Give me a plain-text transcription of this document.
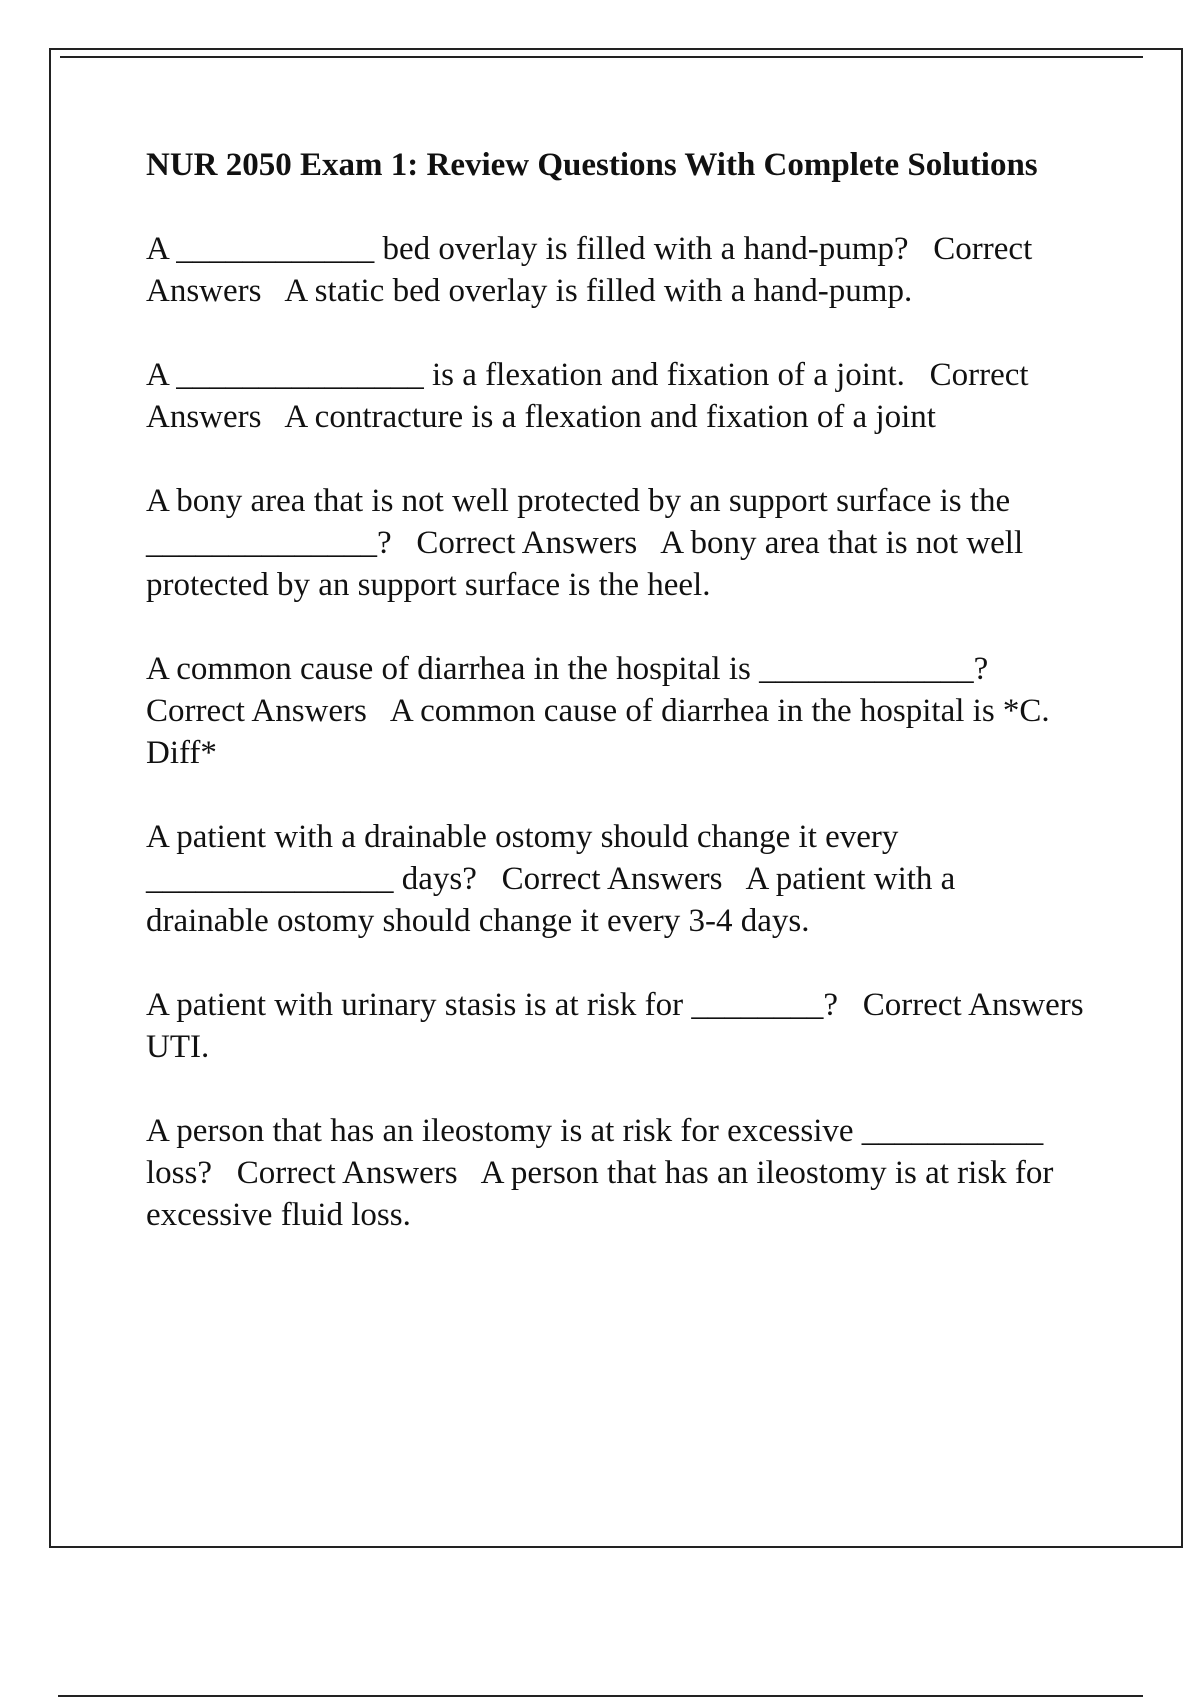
NUR 2050 Exam 1: Review Questions With Complete Solutions
A ____________ bed overlay is filled with a hand-pump?   Correct Answers   A static bed overlay is filled with a hand-pump.
A _______________ is a flexation and fixation of a joint.   Correct Answers   A contracture is a flexation and fixation of a joint
A bony area that is not well protected by an support surface is the ______________?   Correct Answers   A bony area that is not well protected by an support surface is the heel.
A common cause of diarrhea in the hospital is _____________?   Correct Answers   A common cause of diarrhea in the hospital is *C. Diff*
A patient with a drainable ostomy should change it every _______________ days?   Correct Answers   A patient with a drainable ostomy should change it every 3-4 days.
A patient with urinary stasis is at risk for ________?   Correct Answers   UTI.
A person that has an ileostomy is at risk for excessive ___________ loss?   Correct Answers   A person that has an ileostomy is at risk for excessive fluid loss.
